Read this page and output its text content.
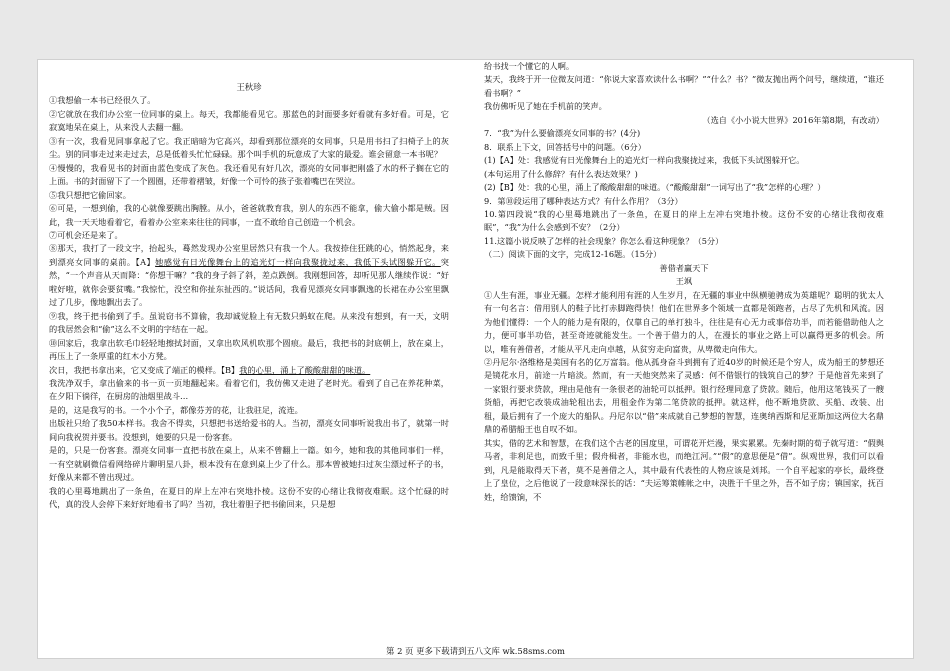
王秋珍

①我想偷一本书已经很久了。

②它就放在我们办公室一位同事的桌上。每天，我都能看见它。那蓝色的封面要多好看就有多好看。可是，它寂寞地呆在桌上，从来没人去翻一翻。

③有一次，我看见同事拿起了它。我正暗暗为它高兴，却看到那位漂亮的女同事，只是用书扫了扫椅子上的灰尘。别的同事走过来走过去，总是低着头忙忙碌碌。那个叫手机的玩意成了大家的最爱。谁会留意一本书呢？

④慢慢的，我看见书的封面由蓝色变成了灰色。我还看见有好几次，漂亮的女同事把刚盛了水的杯子搁在它的上面。书的封面留下了一个圆圈，还带着褶皱，好像一个可怜的孩子张着嘴巴在哭泣。

⑤我只想把它偷回家。

⑥可是，一想到偷，我的心就像要跳出胸膛。从小，爸爸就教育我，别人的东西不能拿，偷大偷小都是贼。因此，我一天天地看着它，看着办公室来来往往的同事，一直不敢给自己创造一个机会。

⑦可机会还是来了。

⑧那天，我打了一段文字，抬起头，蓦然发现办公室里居然只有我一个人。我按捺住狂跳的心，悄然起身，来到漂亮女同事的桌前。【A】她感觉有日光像舞台上的追光灯一样向我聚拢过来，我低下头试图躲开它。突然，“一个声音从天而降：“你想干嘛？”我的身子斜了斜，差点跌倒。我刚想回答，却听见那人继续作说：“好啦好啦，就你会要贫嘴。”我惊忙，没空和你扯东扯西的。”说话间，我看见漂亮女同事飘逸的长裙在办公室里飘过了几步，像地飘出去了。

⑨我，终于把书偷到了手。虽说窃书不算偷，我却诚觉脸上有无数只蚂蚁在爬。从来没有想到，有一天，文明的我居然会和“偷”这么不文明的字结在一起。

⑩回家后，我拿出软毛巾轻轻地擦拭封面，又拿出吹风机吹那个圆痕。最后，我把书的封底朝上，放在桌上，再压上了一条厚重的红木小方凳。

次日，我把书拿出来，它又变成了端正的模样。【B】我的心里，涌上了酸酸甜甜的味道。

我洗净双手，拿出偷来的书一页一页地翻起来。看着它们，我仿佛又走进了老时光。看到了自己在养花种菜，在夕阳下徜徉，在厨房的油烟里战斗…

是的，这是我写的书。一个小个子，都像芬芳的花，让我驻足，流连。

出版社只给了我50本样书。我舍不得卖，只想把书送给爱书的人。当初，漂亮女同事听说我出书了，就第一时间向我祝贺并要书。没想到，她要的只是一份客套。

是的，只是一份客套。漂亮女同事一直把书放在桌上，从来不曾翻上一篇。如今，她和我的其他同事们一样，一有空就刷微信看网络碎片聊明星八卦，根本没有在意到桌上少了什么。那本曾被她扫过灰尘漂过杯子的书，好像从来都不曾出现过。

我的心里蓦地跳出了一条鱼，在夏日的岸上左冲右突地扑棱。这份不安的心绪让我彻夜难眠。这个忙碌的时代，真的没人会停下来好好地看书了吗？当初，我壮着胆子把书偷回来，只是想

给书找一个懂它的人啊。

某天，我终于开一位微友问道：“你说大家喜欢读什么书啊？”“什么？书？”微友抛出两个问号，继续道，“谁还看书啊？”

我仿佛听见了她在手机前的笑声。

（选自《小小说大世界》2016年第8期，有改动）

7．“我”为什么要偷漂亮女同事的书？(4分)

8．联系上下文，回答括号中的问题。（6分）

(1)【A】处：我感觉有日光像舞台上的追光灯一样向我聚拢过来，我低下头试图躲开它。

(本句运用了什么修辞？有什么表达效果？)

(2)【B】处：我的心里，涌上了酸酸甜甜的味道。（“酸酸甜甜”一词写出了“我”怎样的心理？）

9．第⑩段运用了哪种表达方式？有什么作用？（3分）

10.第四段说“我的心里蓦地跳出了一条鱼，在夏日的岸上左冲右突地扑棱。这份不安的心绪让我彻夜难眠”，“我”为什么会感到不安？（2分）

11.这篇小说反映了怎样的社会现象？你怎么看这种现象？（5分）

（二）阅读下面的文字，完成12-16题。（15分）

善借者赢天下

王飒

①人生有涯，事业无疆。怎样才能利用有涯的人生岁月，在无疆的事业中纵横驰骋成为英雄呢？聪明的犹太人有一句名言：借用别人的鞋子比打赤脚跑得快！他们在世界多个领域一直都是领跑者，占尽了先机和风流。因为他们懂得：一个人的能力是有限的，仅靠自己的单打独斗，往往是有心无力或事倍功半，而若能借助他人之力，便可事半功倍，甚至奇迹就能发生。一个善于借力的人，在漫长的事业之路上可以赢得更多的机会。所以，唯有善借者，才能从平凡走向卓越，从贫穷走向富贵，从卑微走向伟大。

②丹尼尔·洛维格是美国有名的亿万富翁。他从孤身奋斗到拥有了近40岁的时候还是个穷人，成为船王的梦想还是镜花水月，前途一片暗淡。然而，有一天他突然来了灵感：何不借银行的钱筑自己的梦？于是他首先来到了一家银行要求贷款，理由是他有一条很老的油轮可以抵押。银行经理同意了贷款。随后，他用这笔钱买了一艘货船，再把它改装成油轮租出去，用租金作为第二笔贷款的抵押。就这样，他不断地贷款、买船、改装、出租，最后拥有了一个庞大的船队。丹尼尔以“借”来成就自己梦想的智慧，连奥纳西斯和尼亚斯加这两位大名鼎鼎的希腊船王也自叹不如。

其实，借的艺术和智慧，在我们这个古老的国度里，可谓花开烂漫，果实累累。先秦时期的荀子就写道：“假舆马者，非利足也，而致千里；假舟楫者，非能水也，而绝江河。”“假”的意思便是“借”。纵观世界，我们可以看到，凡是能取得天下者，莫不是善借之人，其中最有代表性的人物应该是刘邦。一个自平起家的亭长，最终登上了皇位，之后他说了一段意味深长的话：“夫运筹策帷帐之中，决胜于千里之外，吾不如子房；镇国家，抚百姓，给馈饷，不

第 2 页 更多下载请到五八文库 wk.58sms.com
